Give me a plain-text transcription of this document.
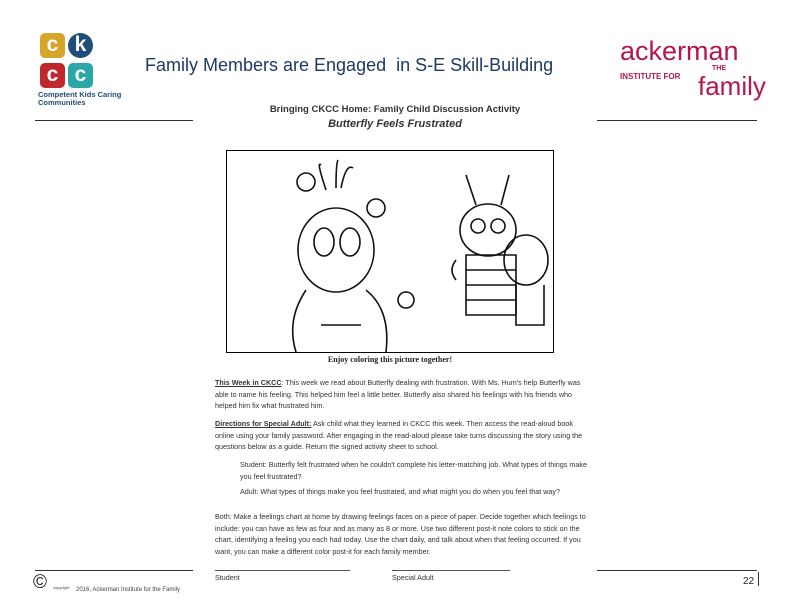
c k
c c
Competent Kids Caring Communities
Family Members are Engaged  in S-E Skill-Building ackerman
INSTITUTE FOR
THE
family
Bringing CKCC Home: Family Child Discussion Activity
Butterfly Feels Frustrated
Enjoy coloring this picture together!
This Week in CKCC: This week we read about Butterfly dealing with frustration. With Ms. Hum's help Butterfly was able to name his feeling. This helped him feel a little better. Butterfly also shared his feelings with his friends who helped him fix what frustrated him.
Directions for Special Adult: Ask child what they learned in CKCC this week. Then access the read-aloud book online using your family password. After engaging in the read-aloud please take turns discussing the story using the questions below as a guide. Return the signed activity sheet to school.
Student: Butterfly felt frustrated when he couldn't complete his letter-matching job. What types of things make you feel frustrated?
Adult: What types of things make you feel frustrated, and what might you do when you feel that way?
Both: Make a feelings chart at home by drawing feelings faces on a piece of paper. Decide together which feelings to include: you can have as few as four and as many as 8 or more. Use two different post-it note colors to stick on the chart, identifying a feeling you each had today. Use the chart daily, and talk about when that feeling occurred. If you want, you can make a different color post-it for each family member.
Student	Special Adult
© copyright 2016, Ackerman Institute for the Family
22
